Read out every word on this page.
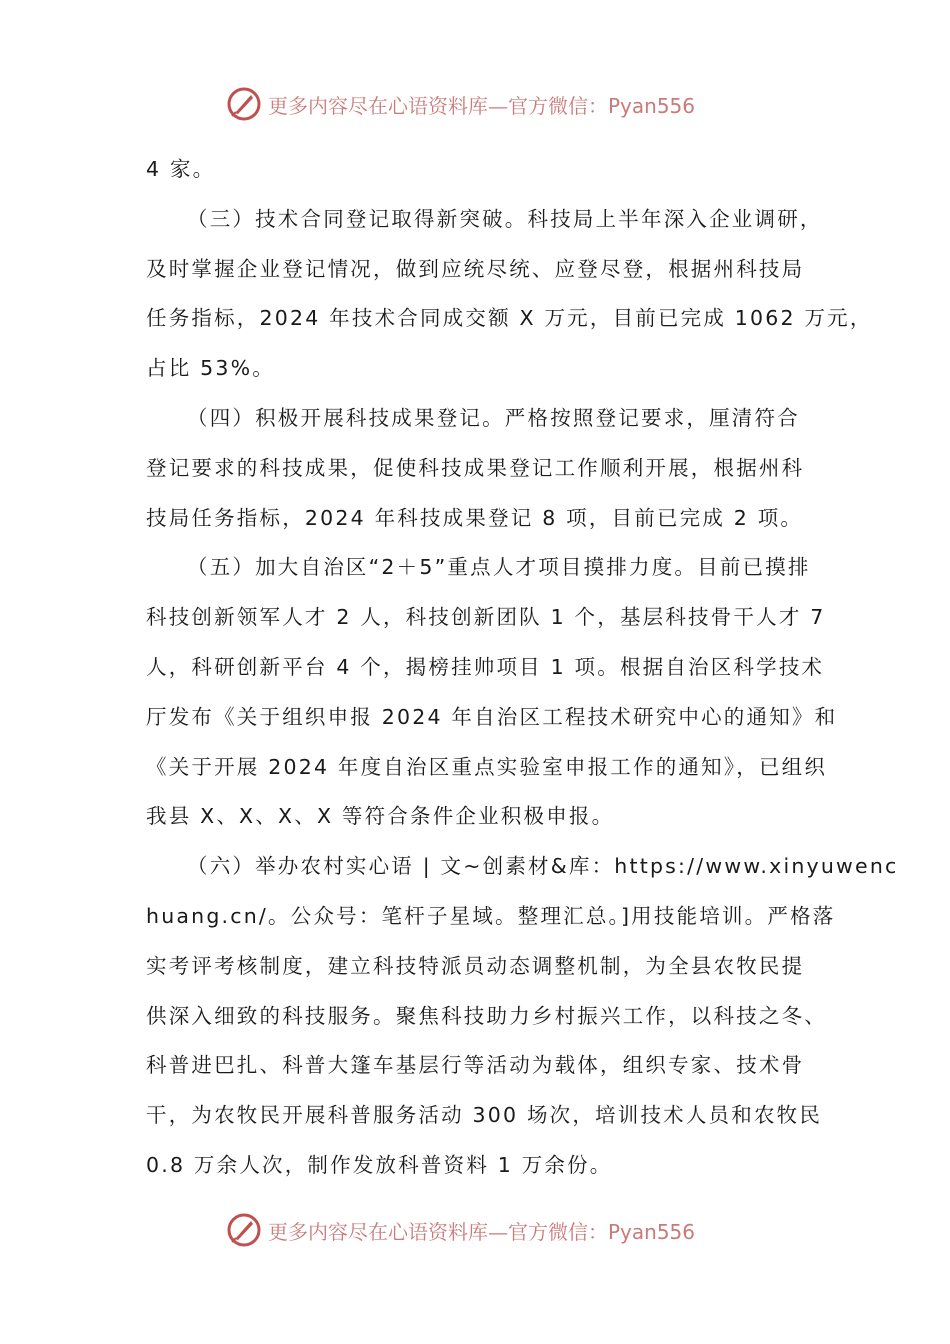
更多内容尽在心语资料库—官方微信：Pyan556
4 家。
（三）技术合同登记取得新突破。科技局上半年深入企业调研，
及时掌握企业登记情况，做到应统尽统、应登尽登，根据州科技局
任务指标，2024 年技术合同成交额 X 万元，目前已完成 1062 万元，
占比 53%。
（四）积极开展科技成果登记。严格按照登记要求，厘清符合
登记要求的科技成果，促使科技成果登记工作顺利开展，根据州科
技局任务指标，2024 年科技成果登记 8 项，目前已完成 2 项。
（五）加大自治区“2＋5”重点人才项目摸排力度。目前已摸排
科技创新领军人才 2 人，科技创新团队 1 个，基层科技骨干人才 7
人，科研创新平台 4 个，揭榜挂帅项目 1 项。根据自治区科学技术
厅发布《关于组织申报 2024 年自治区工程技术研究中心的通知》和
《关于开展 2024 年度自治区重点实验室申报工作的通知》，已组织
我县 X、X、X、X 等符合条件企业积极申报。
（六）举办农村实心语 | 文~创素材&库：https://www.xinyuwenc
huang.cn/。公众号：笔杆子星域。整理汇总。]用技能培训。严格落
实考评考核制度，建立科技特派员动态调整机制，为全县农牧民提
供深入细致的科技服务。聚焦科技助力乡村振兴工作，以科技之冬、
科普进巴扎、科普大篷车基层行等活动为载体，组织专家、技术骨
干，为农牧民开展科普服务活动 300 场次，培训技术人员和农牧民
0.8 万余人次，制作发放科普资料 1 万余份。
更多内容尽在心语资料库—官方微信：Pyan556
